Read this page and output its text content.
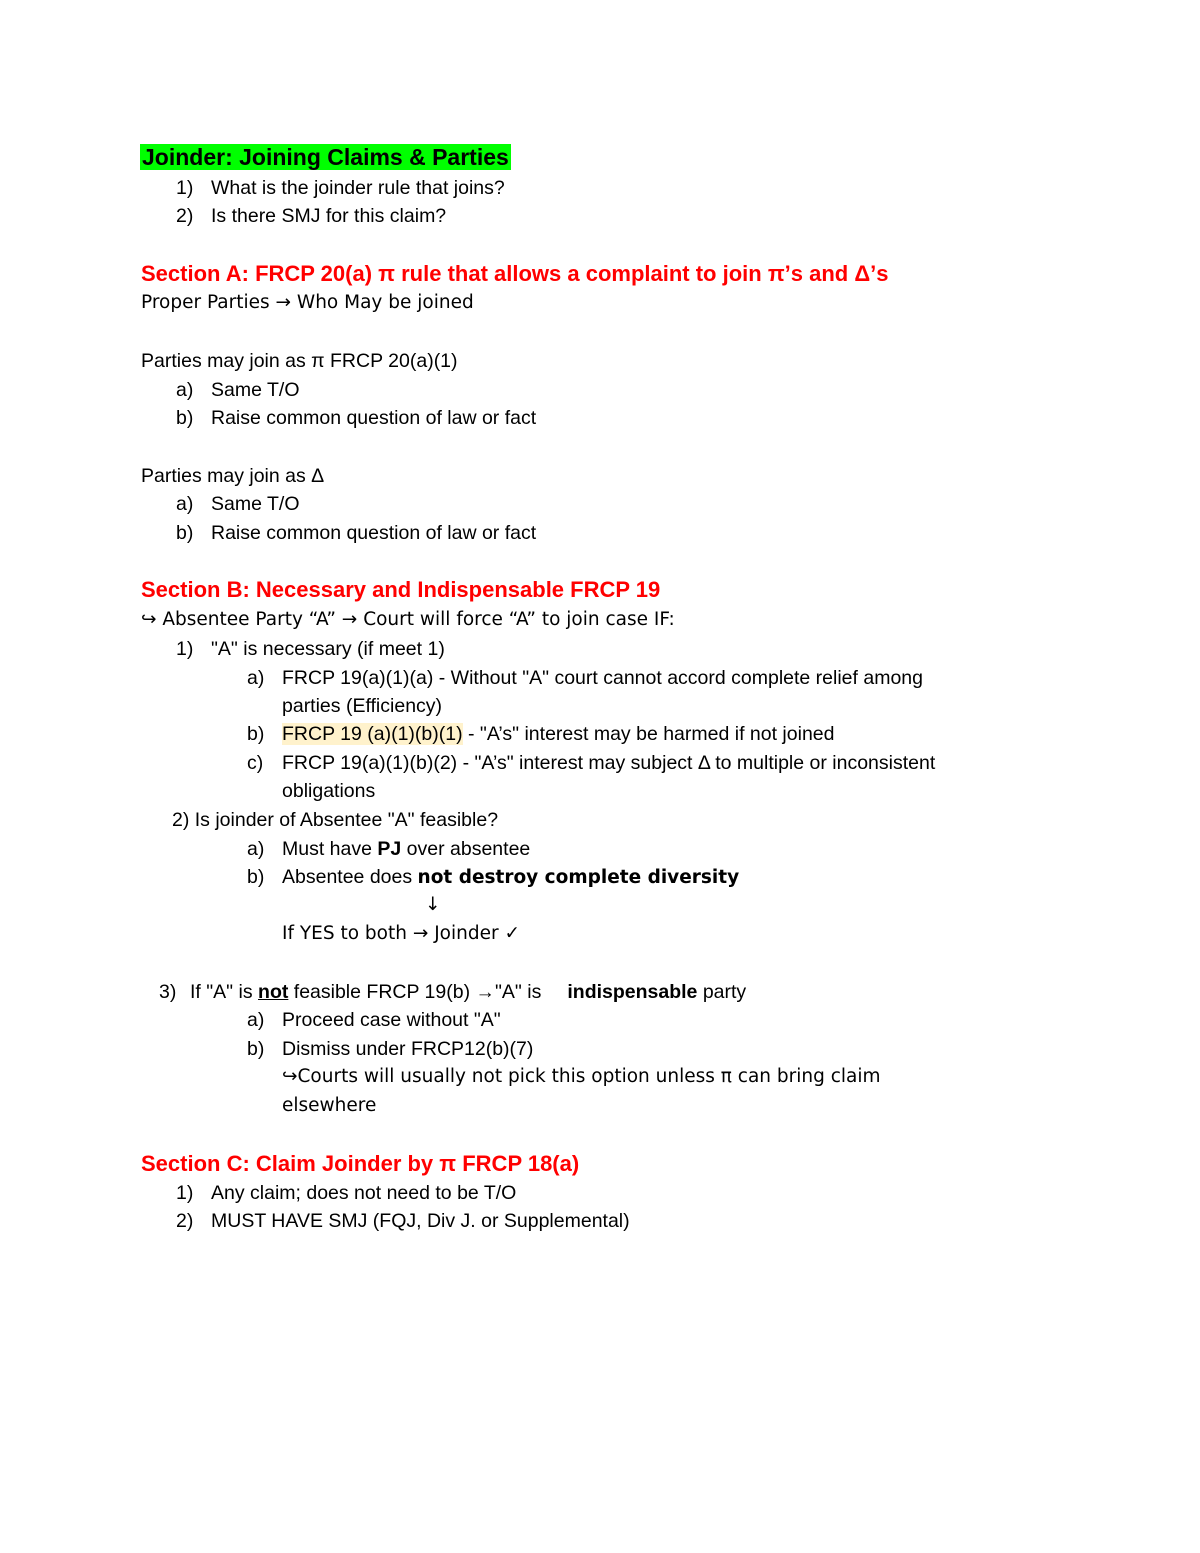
Joinder: Joining Claims & Parties
1) What is the joinder rule that joins?
2) Is there SMJ for this claim?
Section A: FRCP 20(a) π rule that allows a complaint to join π’s and Δ’s
Proper Parties → Who May be joined
Parties may join as π FRCP 20(a)(1)
a) Same T/O
b) Raise common question of law or fact
Parties may join as Δ
a) Same T/O
b) Raise common question of law or fact
Section B: Necessary and Indispensable FRCP 19
↪ Absentee Party “A” → Court will force “A” to join case IF:
1) "A" is necessary (if meet 1)
a) FRCP 19(a)(1)(a) - Without "A" court cannot accord complete relief among
parties (Efficiency)
b) FRCP 19 (a)(1)(b)(1) - "A’s" interest may be harmed if not joined
c) FRCP 19(a)(1)(b)(2) - "A’s" interest may subject Δ to multiple or inconsistent
obligations
2) Is joinder of Absentee "A" feasible?
a) Must have PJ over absentee
b) Absentee does not destroy complete diversity
↓
If YES to both → Joinder ✓
3) If "A" is not feasible FRCP 19(b) →"A" is indispensable party
a) Proceed case without "A"
b) Dismiss under FRCP12(b)(7)
↪Courts will usually not pick this option unless π can bring claim
elsewhere
Section C: Claim Joinder by π FRCP 18(a)
1) Any claim; does not need to be T/O
2) MUST HAVE SMJ (FQJ, Div J. or Supplemental)
